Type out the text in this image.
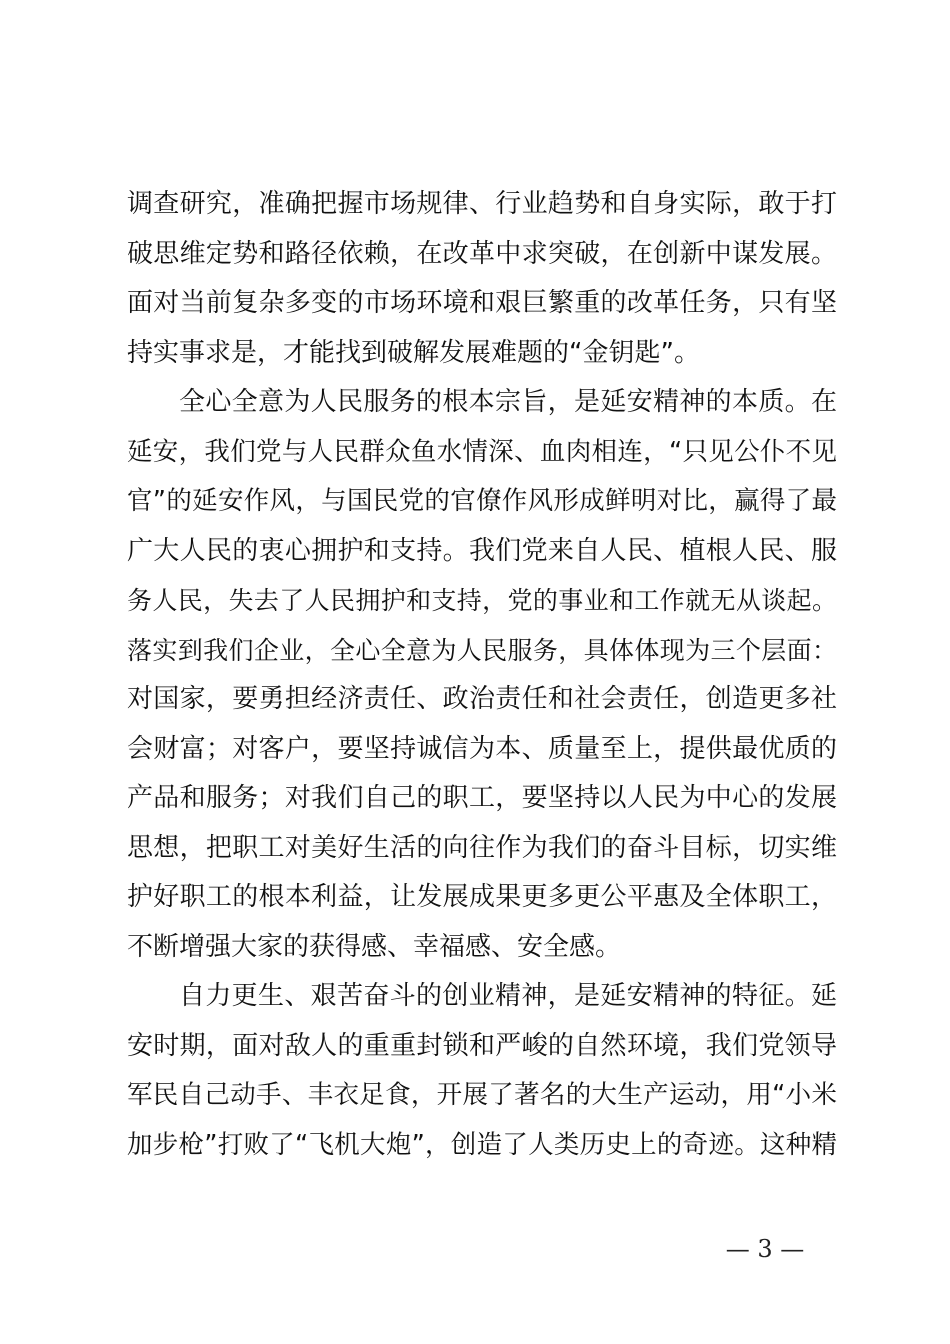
调查研究，准确把握市场规律、行业趋势和自身实际，敢于打
破思维定势和路径依赖，在改革中求突破，在创新中谋发展。
面对当前复杂多变的市场环境和艰巨繁重的改革任务，只有坚
持实事求是，才能找到破解发展难题的“金钥匙”。
全心全意为人民服务的根本宗旨，是延安精神的本质。在
延安，我们党与人民群众鱼水情深、血肉相连，“只见公仆不见
官”的延安作风，与国民党的官僚作风形成鲜明对比，赢得了最
广大人民的衷心拥护和支持。我们党来自人民、植根人民、服
务人民，失去了人民拥护和支持，党的事业和工作就无从谈起。
落实到我们企业，全心全意为人民服务，具体体现为三个层面：
对国家，要勇担经济责任、政治责任和社会责任，创造更多社
会财富；对客户，要坚持诚信为本、质量至上，提供最优质的
产品和服务；对我们自己的职工，要坚持以人民为中心的发展
思想，把职工对美好生活的向往作为我们的奋斗目标，切实维
护好职工的根本利益，让发展成果更多更公平惠及全体职工，
不断增强大家的获得感、幸福感、安全感。
自力更生、艰苦奋斗的创业精神，是延安精神的特征。延
安时期，面对敌人的重重封锁和严峻的自然环境，我们党领导
军民自己动手、丰衣足食，开展了著名的大生产运动，用“小米
加步枪”打败了“飞机大炮”，创造了人类历史上的奇迹。这种精
— 3 —
